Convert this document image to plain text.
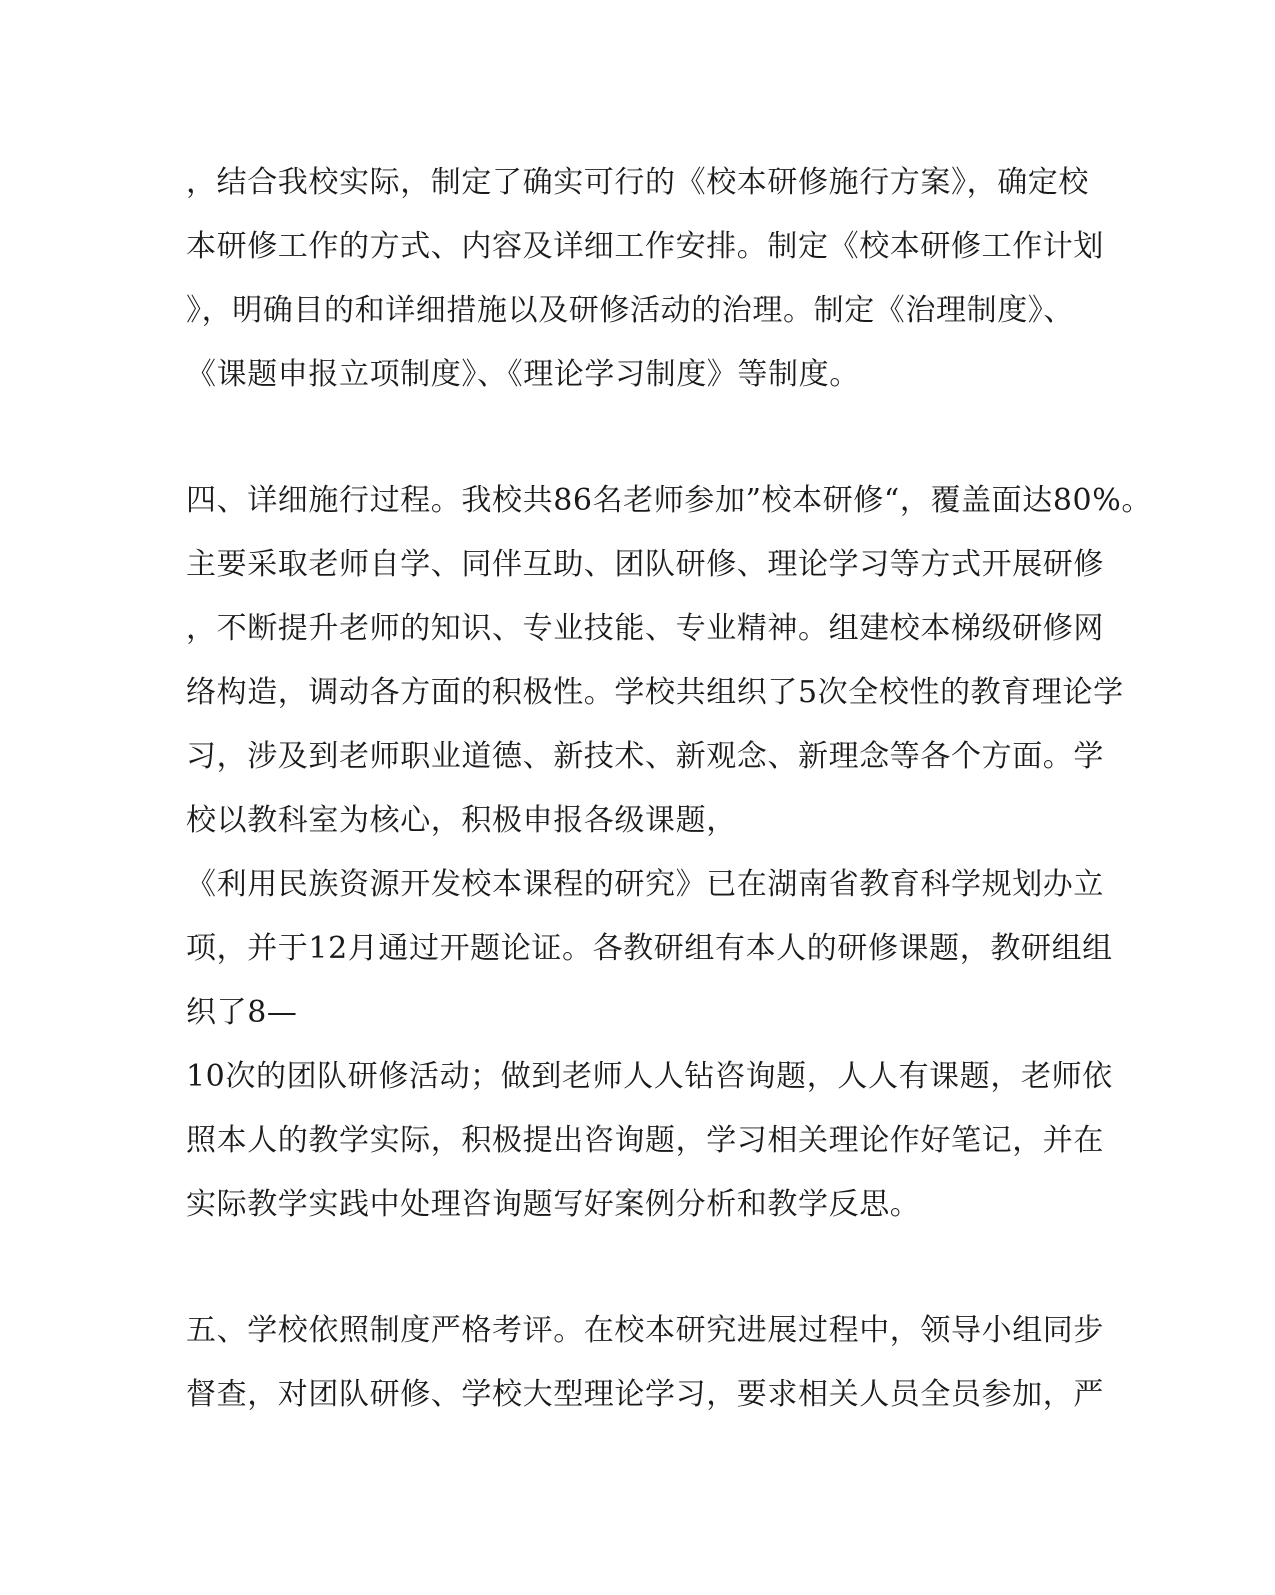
，结合我校实际，制定了确实可行的《校本研修施行方案》，确定校
本研修工作的方式、内容及详细工作安排。制定《校本研修工作计划
》，明确目的和详细措施以及研修活动的治理。制定《治理制度》、
《课题申报立项制度》、《理论学习制度》等制度。
四、详细施行过程。我校共86名老师参加”校本研修“，覆盖面达80%。
主要采取老师自学、同伴互助、团队研修、理论学习等方式开展研修
，不断提升老师的知识、专业技能、专业精神。组建校本梯级研修网
络构造，调动各方面的积极性。学校共组织了5次全校性的教育理论学
习，涉及到老师职业道德、新技术、新观念、新理念等各个方面。学
校以教科室为核心，积极申报各级课题，
《利用民族资源开发校本课程的研究》已在湖南省教育科学规划办立
项，并于12月通过开题论证。各教研组有本人的研修课题，教研组组
织了8—
10次的团队研修活动；做到老师人人钻咨询题，人人有课题，老师依
照本人的教学实际，积极提出咨询题，学习相关理论作好笔记，并在
实际教学实践中处理咨询题写好案例分析和教学反思。
五、学校依照制度严格考评。在校本研究进展过程中，领导小组同步
督查，对团队研修、学校大型理论学习，要求相关人员全员参加，严
